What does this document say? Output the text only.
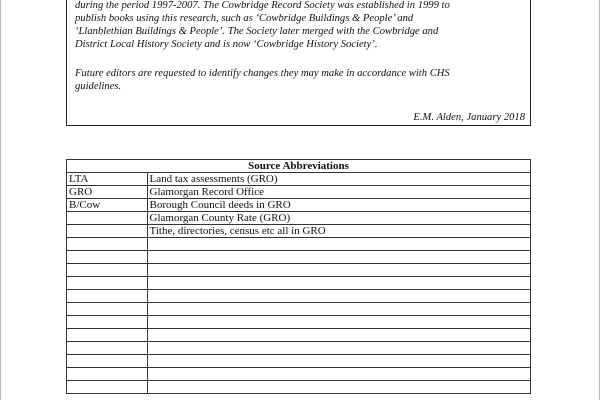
during the period 1997-2007. The Cowbridge Record Society was established in 1999 to
publish books using this research, such as ‘Cowbridge Buildings & People’ and
‘Llanblethian Buildings & People’. The Society later merged with the Cowbridge and
District Local History Society and is now ‘Cowbridge History Society’.
Future editors are requested to identify changes they may make in accordance with CHS
guidelines.
E.M. Alden, January 2018
Source Abbreviations	
LTA	Land tax assessments (GRO)
GRO	Glamorgan Record Office
B/Cow	Borough Council deeds in GRO
	Glamorgan County Rate (GRO)
	Tithe, directories, census etc all in GRO
